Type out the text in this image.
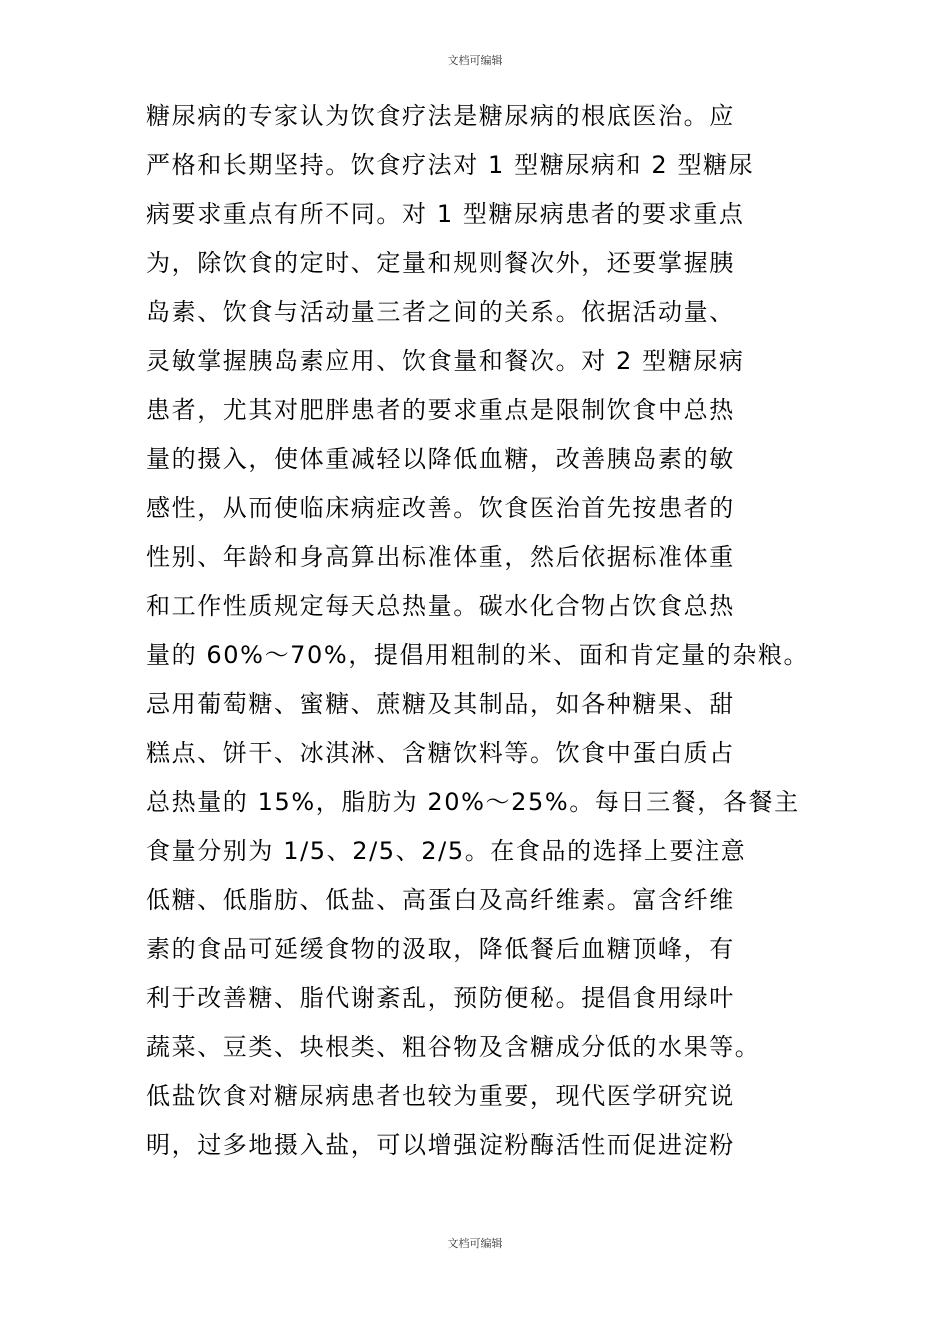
文档可编辑
糖尿病的专家认为饮食疗法是糖尿病的根底医治。应
严格和长期坚持。饮食疗法对 1 型糖尿病和 2 型糖尿
病要求重点有所不同。对 1 型糖尿病患者的要求重点
为，除饮食的定时、定量和规则餐次外，还要掌握胰
岛素、饮食与活动量三者之间的关系。依据活动量、
灵敏掌握胰岛素应用、饮食量和餐次。对 2 型糖尿病
患者，尤其对肥胖患者的要求重点是限制饮食中总热
量的摄入，使体重减轻以降低血糖，改善胰岛素的敏
感性，从而使临床病症改善。饮食医治首先按患者的
性别、年龄和身高算出标准体重，然后依据标准体重
和工作性质规定每天总热量。碳水化合物占饮食总热
量的 60%～70%，提倡用粗制的米、面和肯定量的杂粮。
忌用葡萄糖、蜜糖、蔗糖及其制品，如各种糖果、甜
糕点、饼干、冰淇淋、含糖饮料等。饮食中蛋白质占
总热量的 15%，脂肪为 20%～25%。每日三餐，各餐主
食量分别为 1/5、2/5、2/5。在食品的选择上要注意
低糖、低脂肪、低盐、高蛋白及高纤维素。富含纤维
素的食品可延缓食物的汲取，降低餐后血糖顶峰，有
利于改善糖、脂代谢紊乱，预防便秘。提倡食用绿叶
蔬菜、豆类、块根类、粗谷物及含糖成分低的水果等。
低盐饮食对糖尿病患者也较为重要，现代医学研究说
明，过多地摄入盐，可以增强淀粉酶活性而促进淀粉
文档可编辑
